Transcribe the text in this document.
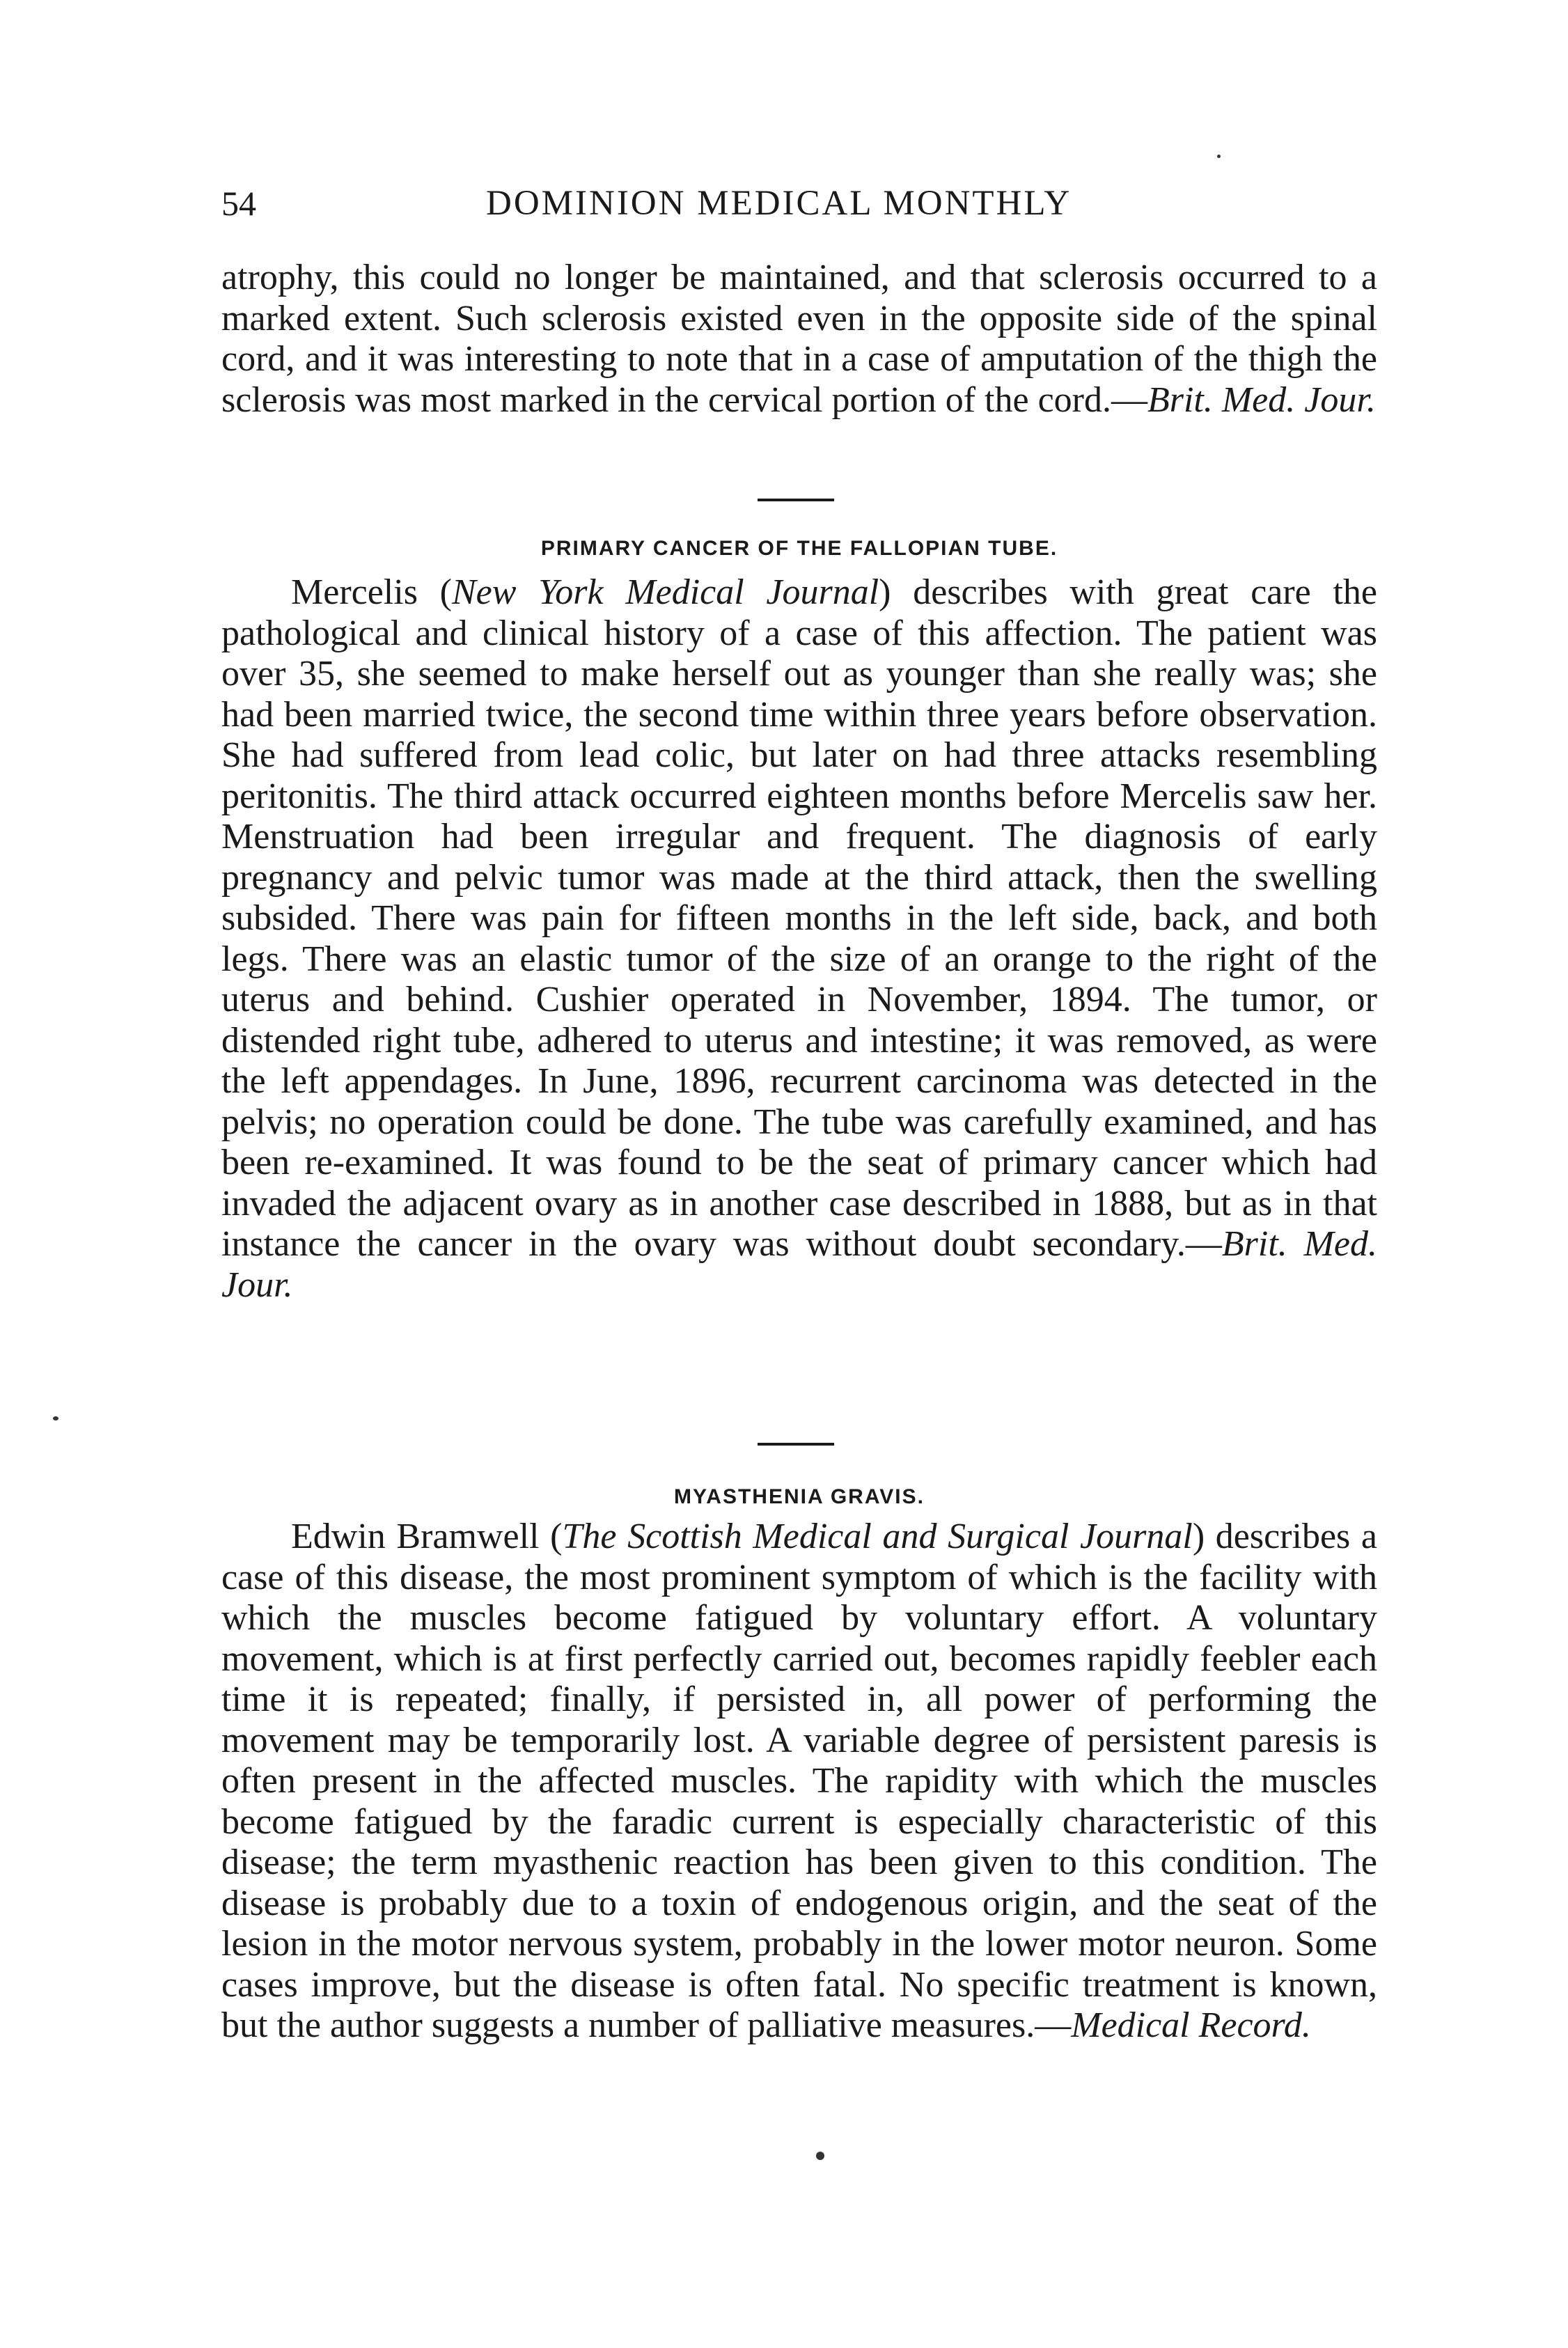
54	DOMINION MEDICAL MONTHLY

atrophy, this could no longer be maintained, and that sclerosis occurred to a marked extent. Such sclerosis existed even in the opposite side of the spinal cord, and it was interesting to note that in a case of amputation of the thigh the sclerosis was most marked in the cervical portion of the cord.—Brit. Med. Jour.

PRIMARY CANCER OF THE FALLOPIAN TUBE.

Mercelis (New York Medical Journal) describes with great care the pathological and clinical history of a case of this affection. The patient was over 35, she seemed to make herself out as younger than she really was; she had been married twice, the second time within three years before observation. She had suffered from lead colic, but later on had three attacks resembling peritonitis. The third attack occurred eighteen months before Mercelis saw her. Menstruation had been irregular and frequent. The diagnosis of early pregnancy and pelvic tumor was made at the third attack, then the swelling subsided. There was pain for fifteen months in the left side, back, and both legs. There was an elastic tumor of the size of an orange to the right of the uterus and behind. Cushier operated in November, 1894. The tumor, or distended right tube, adhered to uterus and intestine; it was removed, as were the left appendages. In June, 1896, recurrent carcinoma was detected in the pelvis; no operation could be done. The tube was carefully examined, and has been re-examined. It was found to be the seat of primary cancer which had invaded the adjacent ovary as in another case described in 1888, but as in that instance the cancer in the ovary was without doubt secondary.—Brit. Med. Jour.

MYASTHENIA GRAVIS.

Edwin Bramwell (The Scottish Medical and Surgical Journal) describes a case of this disease, the most prominent symptom of which is the facility with which the muscles become fatigued by voluntary effort. A voluntary movement, which is at first perfectly carried out, becomes rapidly feebler each time it is repeated; finally, if persisted in, all power of performing the movement may be temporarily lost. A variable degree of persistent paresis is often present in the affected muscles. The rapidity with which the muscles become fatigued by the faradic current is especially characteristic of this disease; the term myasthenic reaction has been given to this condition. The disease is probably due to a toxin of endogenous origin, and the seat of the lesion in the motor nervous system, probably in the lower motor neuron. Some cases improve, but the disease is often fatal. No specific treatment is known, but the author suggests a number of palliative measures.—Medical Record.
